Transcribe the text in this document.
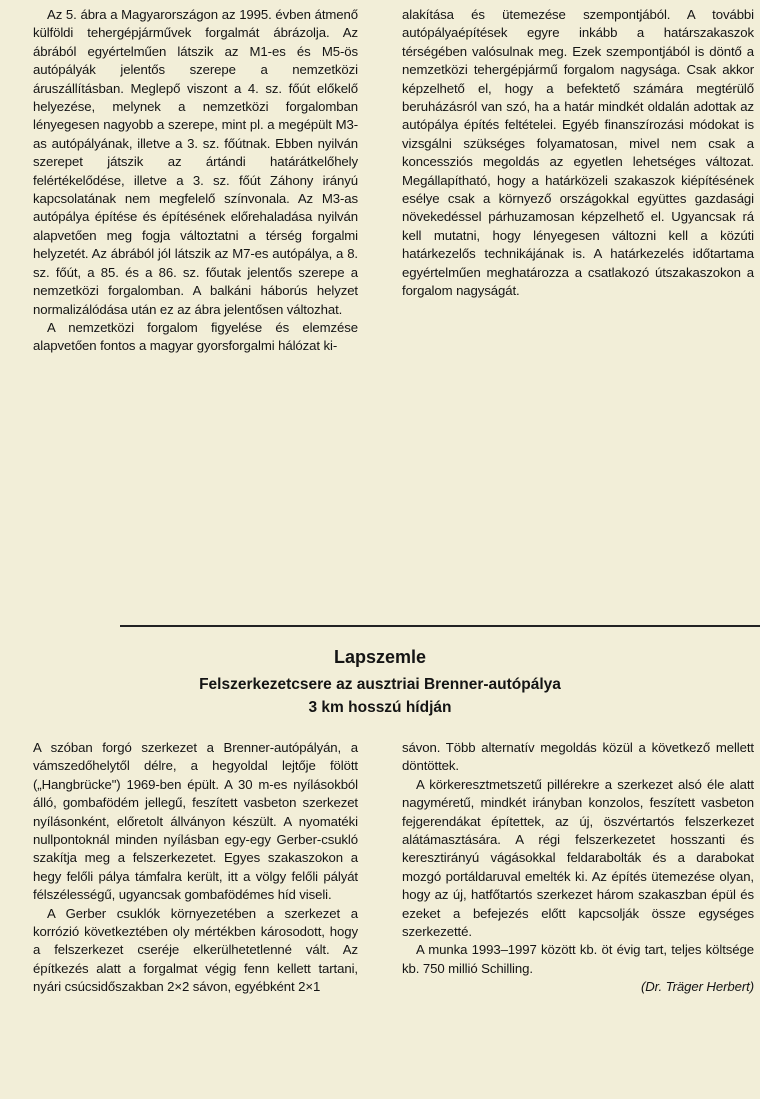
Az 5. ábra a Magyarországon az 1995. évben átmenő külföldi tehergépjárművek forgalmát ábrázolja. Az ábrából egyértelműen látszik az M1-es és M5-ös autópályák jelentős szerepe a nemzetközi áruszállításban. Meglepő viszont a 4. sz. főút előkelő helyezése, melynek a nemzetközi forgalomban lényegesen nagyobb a szerepe, mint pl. a megépült M3-as autópályának, illetve a 3. sz. főútnak. Ebben nyilván szerepet játszik az ártándi határátkelőhely felértékelődése, illetve a 3. sz. főút Záhony irányú kapcsolatának nem megfelelő színvonala. Az M3-as autópálya építése és építésének előrehaladása nyilván alapvetően meg fogja változtatni a térség forgalmi helyzetét. Az ábrából jól látszik az M7-es autópálya, a 8. sz. főút, a 85. és a 86. sz. főutak jelentős szerepe a nemzetközi forgalomban. A balkáni háborús helyzet normalizálódása után ez az ábra jelentősen változhat.

A nemzetközi forgalom figyelése és elemzése alapvetően fontos a magyar gyorsforgalmi hálózat ki-

alakítása és ütemezése szempontjából. A további autópályaépítések egyre inkább a határszakaszok térségében valósulnak meg. Ezek szempontjából is döntő a nemzetközi tehergépjármű forgalom nagysága. Csak akkor képzelhető el, hogy a befektető számára megtérülő beruházásról van szó, ha a határ mindkét oldalán adottak az autópálya építés feltételei. Egyéb finanszírozási módokat is vizsgálni szükséges folyamatosan, mivel nem csak a koncessziós megoldás az egyetlen lehetséges változat. Megállapítható, hogy a határközeli szakaszok kiépítésének esélye csak a környező országokkal együttes gazdasági növekedéssel párhuzamosan képzelhető el. Ugyancsak rá kell mutatni, hogy lényegesen változni kell a közúti határkezelős technikájának is. A határkezelés időtartama egyértelműen meghatározza a csatlakozó útszakaszokon a forgalom nagyságát.

Lapszemle
Felszerkezetcsere az ausztriai Brenner-autópálya
3 km hosszú hídján

A szóban forgó szerkezet a Brenner-autópályán, a vámszedőhelytől délre, a hegyoldal lejtője fölött („Hangbrücke") 1969-ben épült. A 30 m-es nyílásokból álló, gombafödém jellegű, feszített vasbeton szerkezet nyílásonként, előretolt állványon készült. A nyomatéki nullpontoknál minden nyílásban egy-egy Gerber-csukló szakítja meg a felszerkezetet. Egyes szakaszokon a hegy felőli pálya támfalra került, itt a völgy felőli pályát félszélességű, ugyancsak gombafödémes híd viseli.

A Gerber csuklók környezetében a szerkezet a korrózió következtében oly mértékben károsodott, hogy a felszerkezet cseréje elkerülhetetlenné vált. Az építkezés alatt a forgalmat végig fenn kellett tartani, nyári csúcsidőszakban 2×2 sávon, egyébként 2×1

sávon. Több alternatív megoldás közül a következő mellett döntöttek.

A körkeresztmetszetű pillérekre a szerkezet alsó éle alatt nagyméretű, mindkét irányban konzolos, feszített vasbeton fejgerendákat építettek, az új, öszvértartós felszerkezet alátámasztására. A régi felszerkezetet hosszanti és keresztirányú vágásokkal feldarabolták és a darabokat mozgó portáldaruval emelték ki. Az építés ütemezése olyan, hogy az új, hatfőtartós szerkezet három szakaszban épül és ezeket a befejezés előtt kapcsolják össze egységes szerkezetté.

A munka 1993–1997 között kb. öt évig tart, teljes költsége kb. 750 millió Schilling.

(Dr. Träger Herbert)
